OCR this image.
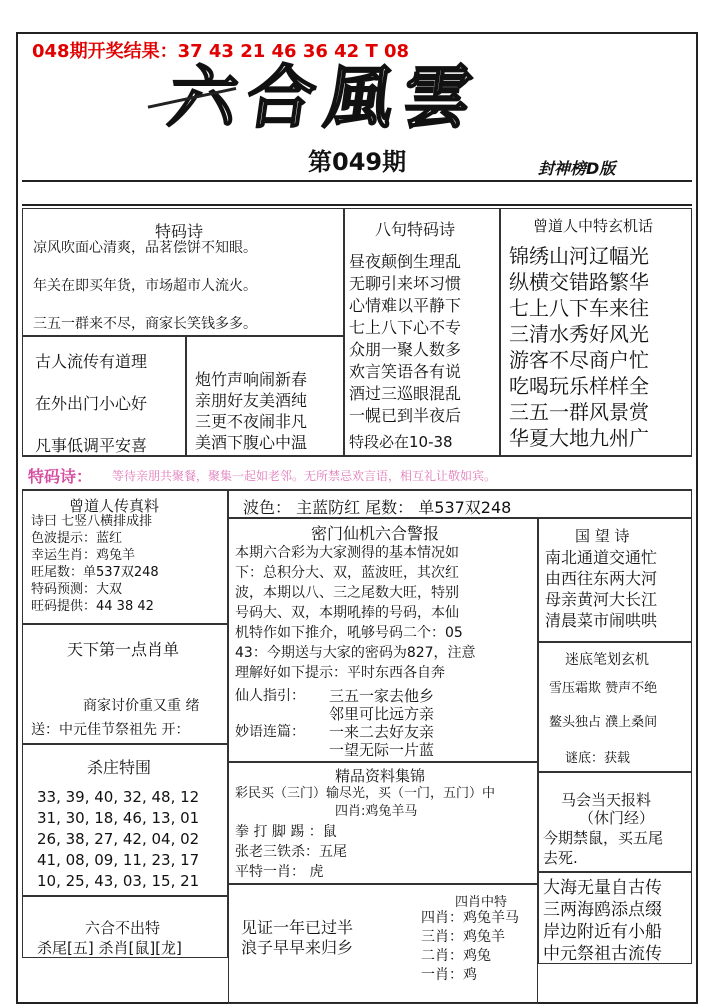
048期开奖结果：37 43 21 46 36 42 T 08
六合風雲
第049期	封神榜D版
特码诗
凉风吹面心清爽，品茗偿饼不知眼。
年关在即买年货，市场超市人流火。
三五一群来不尽，商家长笑钱多多。
古人流传有道理
在外出门小心好
凡事低调平安喜
炮竹声响闹新春
亲朋好友美酒纯
三更不夜闹非凡
美酒下腹心中温
八句特码诗
昼夜颠倒生理乱
无聊引来坏习惯
心情难以平静下
七上八下心不专
众朋一聚人数多
欢言笑语各有说
酒过三巡眼混乱
一幌已到半夜后
特段必在10-38
曾道人中特玄机话
锦绣山河辽幅光
纵横交错路繁华
七上八下车来往
三清水秀好风光
游客不尽商户忙
吃喝玩乐样样全
三五一群风景赏
华夏大地九州广
特码诗： 等待亲朋共聚餐，聚集一起如老邻。无所禁忌欢言语，相互礼让敬如宾。
曾道人传真料
诗曰 七竖八横排成排
色波提示：蓝红
幸运生肖：鸡兔羊
旺尾数：单537双248
特码预测：大双
旺码提供：44 38 42
天下第一点肖单
商家讨价重又重 绪
送：中元佳节祭祖先 开：
杀庄特围
33, 39, 40, 32, 48, 12
31, 30, 18, 46, 13, 01
26, 38, 27, 42, 04, 02
41, 08, 09, 11, 23, 17
10, 25, 43, 03, 15, 21
六合不出特
杀尾[五] 杀肖[鼠][龙]
波色： 主蓝防红 尾数： 单537双248
密门仙机六合警报
本期六合彩为大家测得的基本情况如
下：总积分大、双，蓝波旺，其次红
波，本期以八、三之尾数大旺，特别
号码大、双，本期吼捧的号码，本仙
机特作如下推介，吼够号码二个：05
43：今期送与大家的密码为827，注意
理解好如下提示：平时东西各自奔
仙人指引： 三五一家去他乡
邻里可比远方亲
妙语连篇： 一来二去好友亲
一望无际一片蓝
精品资料集锦
彩民买（三门）输尽光，买（一门，五门）中
四肖:鸡兔羊马
拳 打 脚 踢 ：鼠
张老三铁杀：五尾
平特一肖： 虎
见证一年已过半
浪子早早来归乡
四肖中特
四肖：鸡兔羊马
三肖：鸡兔羊
二肖：鸡兔
一肖：鸡
国 望 诗
南北通道交通忙
由西往东两大河
母亲黄河大长江
清晨菜市闹哄哄
迷底笔划玄机
雪压霜欺 赞声不绝
鳌头独占 濮上桑间
谜底：获载
马会当天报料
（休门经）
今期禁鼠，买五尾
去死.
大海无量自古传
三两海鸥添点缀
岸边附近有小船
中元祭祖古流传
